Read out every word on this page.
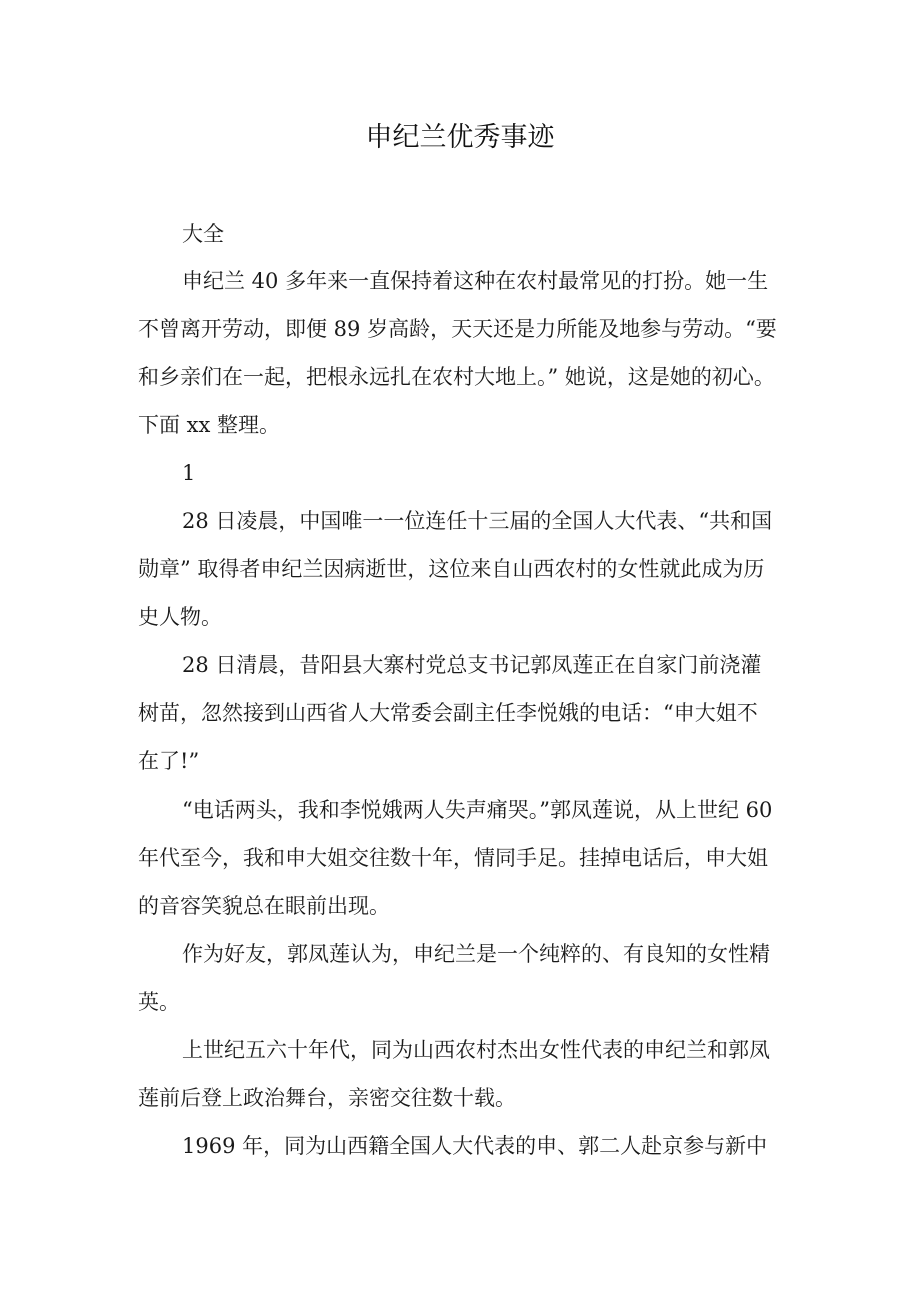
申纪兰优秀事迹
大全
申纪兰 40 多年来一直保持着这种在农村最常见的打扮。她一生
不曾离开劳动，即便 89 岁高龄，天天还是力所能及地参与劳动。“要
和乡亲们在一起，把根永远扎在农村大地上。” 她说，这是她的初心。
下面 xx 整理。
1
28 日凌晨，中国唯一一位连任十三届的全国人大代表、“共和国
勋章” 取得者申纪兰因病逝世，这位来自山西农村的女性就此成为历
史人物。
28 日清晨，昔阳县大寨村党总支书记郭凤莲正在自家门前浇灌
树苗，忽然接到山西省人大常委会副主任李悦娥的电话：“申大姐不
在了!”
“电话两头，我和李悦娥两人失声痛哭。”郭凤莲说，从上世纪 60
年代至今，我和申大姐交往数十年，情同手足。挂掉电话后，申大姐
的音容笑貌总在眼前出现。
作为好友，郭凤莲认为，申纪兰是一个纯粹的、有良知的女性精
英。
上世纪五六十年代，同为山西农村杰出女性代表的申纪兰和郭凤
莲前后登上政治舞台，亲密交往数十载。
1969 年，同为山西籍全国人大代表的申、郭二人赴京参与新中
